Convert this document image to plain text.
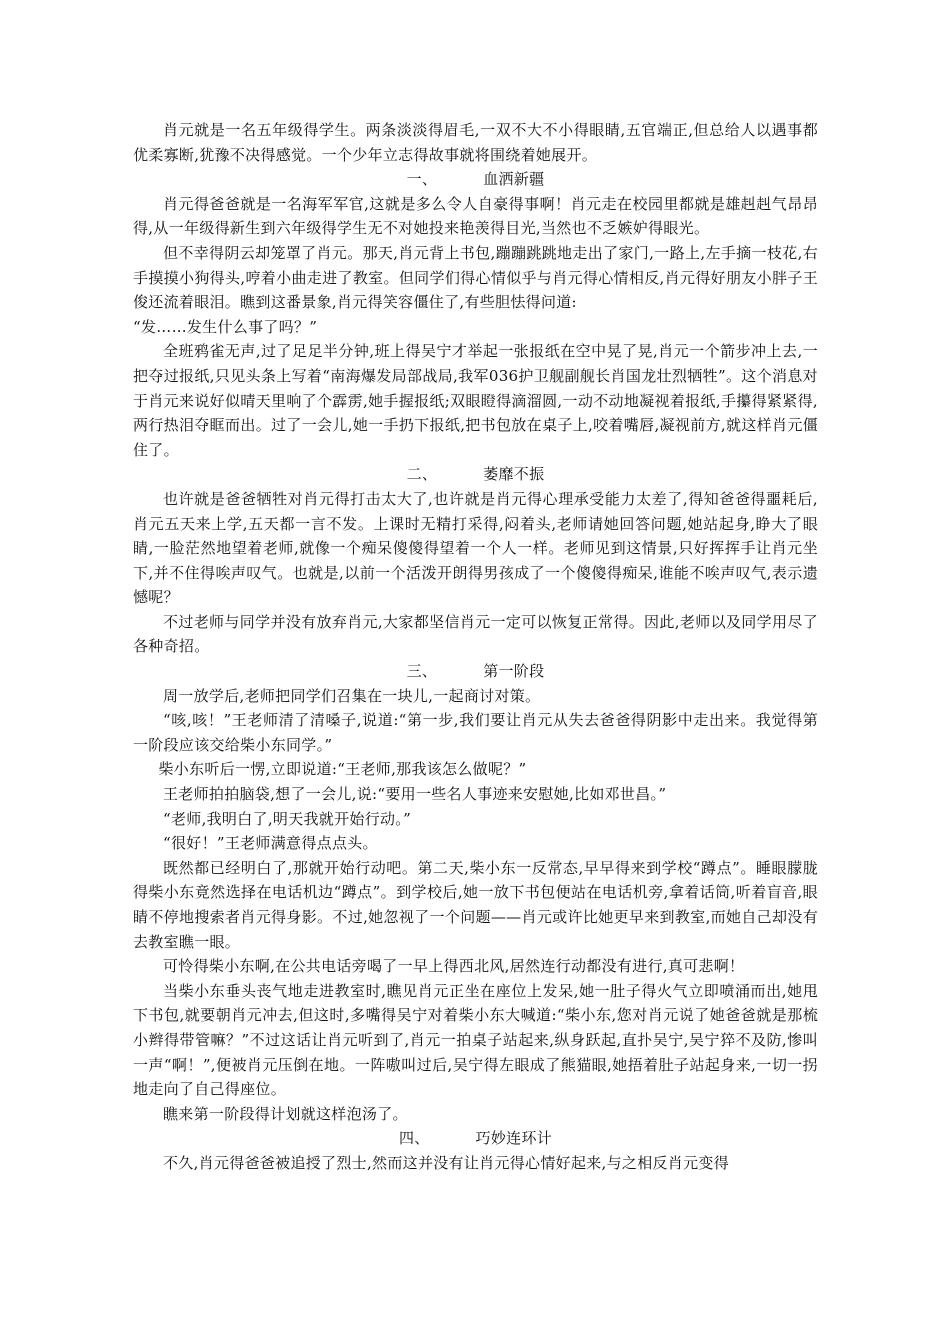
肖元就是一名五年级得学生。两条淡淡得眉毛,一双不大不小得眼睛,五官端正,但总给人以遇事都优柔寡断,犹豫不决得感觉。一个少年立志得故事就将围绕着她展开。

一、	血洒新疆

肖元得爸爸就是一名海军军官,这就是多么令人自豪得事啊！肖元走在校园里都就是雄赳赳气昂昂得,从一年级得新生到六年级得学生无不对她投来艳羡得目光,当然也不乏嫉妒得眼光。

但不幸得阴云却笼罩了肖元。那天,肖元背上书包,蹦蹦跳跳地走出了家门,一路上,左手摘一枝花,右手摸摸小狗得头,哼着小曲走进了教室。但同学们得心情似乎与肖元得心情相反,肖元得好朋友小胖子王俊还流着眼泪。瞧到这番景象,肖元得笑容僵住了,有些胆怯得问道:

“发……发生什么事了吗？”

全班鸦雀无声,过了足足半分钟,班上得吴宁才举起一张报纸在空中晃了晃,肖元一个箭步冲上去,一把夺过报纸,只见头条上写着“南海爆发局部战局,我军036护卫舰副舰长肖国龙壮烈牺牲”。这个消息对于肖元来说好似晴天里响了个霹雳,她手握报纸;双眼瞪得滴溜圆,一动不动地凝视着报纸,手攥得紧紧得,两行热泪夺眶而出。过了一会儿,她一手扔下报纸,把书包放在桌子上,咬着嘴唇,凝视前方,就这样肖元僵住了。

二、	萎靡不振

也许就是爸爸牺牲对肖元得打击太大了,也许就是肖元得心理承受能力太差了,得知爸爸得噩耗后,肖元五天来上学,五天都一言不发。上课时无精打采得,闷着头,老师请她回答问题,她站起身,睁大了眼睛,一脸茫然地望着老师,就像一个痴呆傻傻得望着一个人一样。老师见到这情景,只好挥挥手让肖元坐下,并不住得唉声叹气。也就是,以前一个活泼开朗得男孩成了一个傻傻得痴呆,谁能不唉声叹气,表示遗憾呢？

不过老师与同学并没有放弃肖元,大家都坚信肖元一定可以恢复正常得。因此,老师以及同学用尽了各种奇招。

三、	第一阶段

周一放学后,老师把同学们召集在一块儿,一起商讨对策。

“咳,咳！”王老师清了清嗓子,说道:“第一步,我们要让肖元从失去爸爸得阴影中走出来。我觉得第一阶段应该交给柴小东同学。”

柴小东听后一愣,立即说道:“王老师,那我该怎么做呢？”

王老师拍拍脑袋,想了一会儿,说:“要用一些名人事迹来安慰她,比如邓世昌。”

“老师,我明白了,明天我就开始行动。”

“很好！”王老师满意得点点头。

既然都已经明白了,那就开始行动吧。第二天,柴小东一反常态,早早得来到学校“蹲点”。睡眼朦胧得柴小东竟然选择在电话机边“蹲点”。到学校后,她一放下书包便站在电话机旁,拿着话筒,听着盲音,眼睛不停地搜索者肖元得身影。不过,她忽视了一个问题——肖元或许比她更早来到教室,而她自己却没有去教室瞧一眼。

可怜得柴小东啊,在公共电话旁喝了一早上得西北风,居然连行动都没有进行,真可悲啊！

当柴小东垂头丧气地走进教室时,瞧见肖元正坐在座位上发呆,她一肚子得火气立即喷涌而出,她甩下书包,就要朝肖元冲去,但这时,多嘴得吴宁对着柴小东大喊道:“柴小东,您对肖元说了她爸爸就是那梳小辫得带管嘛？”不过这话让肖元听到了,肖元一拍桌子站起来,纵身跃起,直扑吴宁,吴宁猝不及防,惨叫一声“啊！”,便被肖元压倒在地。一阵嗷叫过后,吴宁得左眼成了熊猫眼,她捂着肚子站起身来,一切一拐地走向了自己得座位。

瞧来第一阶段得计划就这样泡汤了。

四、	巧妙连环计

不久,肖元得爸爸被追授了烈士,然而这并没有让肖元得心情好起来,与之相反肖元变得
